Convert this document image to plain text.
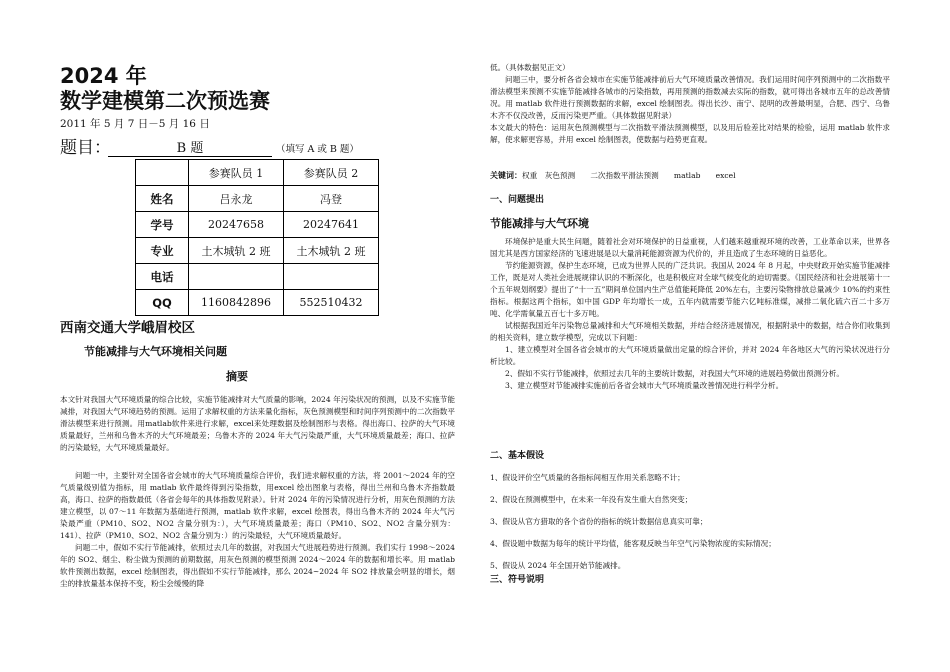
2024 年
数学建模第二次预选赛
2011 年 5 月 7 日－5 月 16 日
题目：	B 题	（填写 A 或 B 题）
	参赛队员 1	参赛队员 2
姓名	吕永龙	冯登
学号	20247658	20247641
专业	土木城轨 2 班	土木城轨 2 班
电话		
QQ	1160842896	552510432
西南交通大学峨眉校区
节能减排与大气环境相关问题
摘要

本文针对我国大气环境质量的综合比较，实施节能减排对大气质量的影响，2024 年污染状况的预测，以及不实施节能减排，对我国大气环境趋势的预测。运用了求解权重的方法来量化指标，灰色预测模型和时间序列预测中的二次指数平滑法模型来进行预测。用matlab软件来进行求解，excel来处理数据及绘制图形与表格。得出海口、拉萨的大气环境质量最好，兰州和乌鲁木齐的大气环境最差；乌鲁木齐的 2024 年大气污染最严重，大气环境质量最差；海口、拉萨的污染最轻，大气环境质量最好。

问题一中，主要针对全国各省会城市的大气环境质量综合评价，我们进求解权重的方法，将 2001～2024 年的空气质量级别值为指标，用 matlab 软件最终得到污染指数，用excel 绘出图象与表格，得出兰州和乌鲁木齐指数最高，海口、拉萨的指数最低（各省会每年的具体指数见附录）。针对 2024 年的污染情况进行分析，用灰色预测的方法建立模型，以 07～11 年数据为基础进行预测，matlab 软件求解，excel 绘图表，得出乌鲁木齐的 2024 年大气污染最严重（PM10、SO2、NO2 含量分别为：），大气环境质量最差；海口（PM10、SO2、NO2 含量分别为：141）、拉萨（PM10、SO2、NO2 含量分别为：）的污染最轻，大气环境质量最好。

问题二中，假如不实行节能减排，依照过去几年的数据，对我国大气进展趋势进行预测。我们实行 1998～2024 年的 SO2、烟尘、粉尘做为预测的前期数据，用灰色预测的模型预测 2024～2024 年的数据和增长率。用 matlab 软件预测出数据，excel 绘制图表，得出假如不实行节能减排，那么 2024~2024 年 SO2 排放量会明显的增长，烟尘的排放量基本保持不变，粉尘会缓慢的降

低。（具体数据见正文）

问题三中，要分析各省会城市在实施节能减排前后大气环境质量改善情况。我们运用时间序列预测中的二次指数平滑法模型来预测不实施节能减排各城市的污染指数，再用预测的指数减去实际的指数，就可得出各城市五年的总改善情况。用 matlab 软件进行预测数据的求解，excel 绘制图表。得出长沙、南宁、昆明的改善最明显，合肥、西宁、乌鲁木齐不仅没改善，反而污染更严重。（具体数据见附录）

本文最大的特色：运用灰色预测模型与二次指数平滑法预测模型，以及用后验差比对结果的检验，运用 matlab 软件求解，使求解更容易，并用 excel 绘制图表，使数据与趋势更直观。

关键词：权重　灰色预测　　二次指数平滑法预测　　matlab　　excel
一、问题提出
节能减排与大气环境

环境保护是重大民生问题，随着社会对环境保护的日益重视，人们越来越重视环境的改善，工业革命以来，世界各国尤其是西方国家经济的飞速进展是以大量消耗能源资源为代价的，并且造成了生态环境的日益恶化。

节约能源资源，保护生态环境，已成为世界人民的广泛共识。我国从 2024 年 8 月起，中央财政开始实施节能减排工作，既是对人类社会进展规律认识的不断深化，也是积极应对全球气候变化的迫切需要。《国民经济和社会进展第十一个五年规划纲要》提出了“十一五”期间单位国内生产总值能耗降低 20%左右，主要污染物排放总量减少 10%的约束性指标。根据这两个指标，如中国 GDP 年均增长一成，五年内就需要节能六亿吨标准煤，减排二氧化硫六百二十多万吨、化学需氧量五百七十多万吨。

试根据我国近年污染物总量减排和大气环境相关数据，并结合经济进展情况，根据附录中的数据，结合你们收集到的相关资料，建立数学模型，完成以下问题：

1、建立模型对全国各省会城市的大气环境质量做出定量的综合评价，并对 2024 年各地区大气的污染状况进行分析比较。

2、假如不实行节能减排，依照过去几年的主要统计数据，对我国大气环境的进展趋势做出预测分析。

3、建立模型对节能减排实施前后各省会城市大气环境质量改善情况进行科学分析。

二、基本假设

1、假设评价空气质量的各指标间相互作用关系忽略不计；

2、假设在预测模型中，在未来一年没有发生重大自然突变；

3、假设从官方猎取的各个省份的指标的统计数据信息真实可靠；

4、假设题中数据为每年的统计平均值，能客观反映当年空气污染物浓度的实际情况；

5、假设从 2024 年全国开始节能减排。

三、符号说明
